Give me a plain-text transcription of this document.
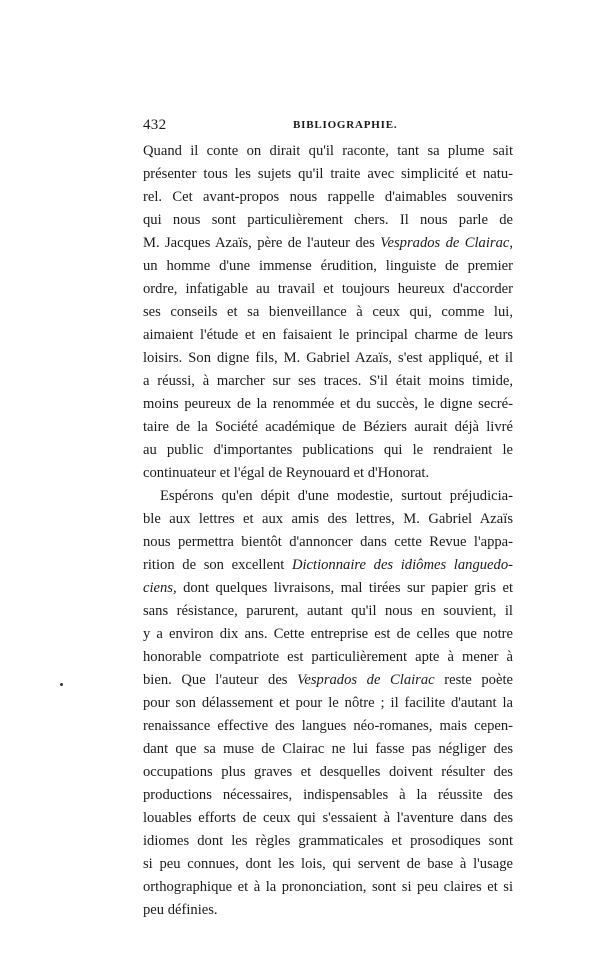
432	BIBLIOGRAPHIE.
Quand il conte on dirait qu'il raconte, tant sa plume sait
présenter tous les sujets qu'il traite avec simplicité et natu-
rel. Cet avant-propos nous rappelle d'aimables souvenirs
qui nous sont particulièrement chers. Il nous parle de
M. Jacques Azaïs, père de l'auteur des Vesprados de Clairac,
un homme d'une immense érudition, linguiste de premier
ordre, infatigable au travail et toujours heureux d'accorder
ses conseils et sa bienveillance à ceux qui, comme lui,
aimaient l'étude et en faisaient le principal charme de leurs
loisirs. Son digne fils, M. Gabriel Azaïs, s'est appliqué, et il
a réussi, à marcher sur ses traces. S'il était moins timide,
moins peureux de la renommée et du succès, le digne secré-
taire de la Société académique de Béziers aurait déjà livré
au public d'importantes publications qui le rendraient le
continuateur et l'égal de Reynouard et d'Honorat.
Espérons qu'en dépit d'une modestie, surtout préjudicia-
ble aux lettres et aux amis des lettres, M. Gabriel Azaïs
nous permettra bientôt d'annoncer dans cette Revue l'appa-
rition de son excellent Dictionnaire des idiômes languedo-
ciens, dont quelques livraisons, mal tirées sur papier gris et
sans résistance, parurent, autant qu'il nous en souvient, il
y a environ dix ans. Cette entreprise est de celles que notre
honorable compatriote est particulièrement apte à mener à
bien. Que l'auteur des Vesprados de Clairac reste poète
pour son délassement et pour le nôtre ; il facilite d'autant la
renaissance effective des langues néo-romanes, mais cepen-
dant que sa muse de Clairac ne lui fasse pas négliger des
occupations plus graves et desquelles doivent résulter des
productions nécessaires, indispensables à la réussite des
louables efforts de ceux qui s'essaient à l'aventure dans des
idiomes dont les règles grammaticales et prosodiques sont
si peu connues, dont les lois, qui servent de base à l'usage
orthographique et à la prononciation, sont si peu claires et si
peu définies.
